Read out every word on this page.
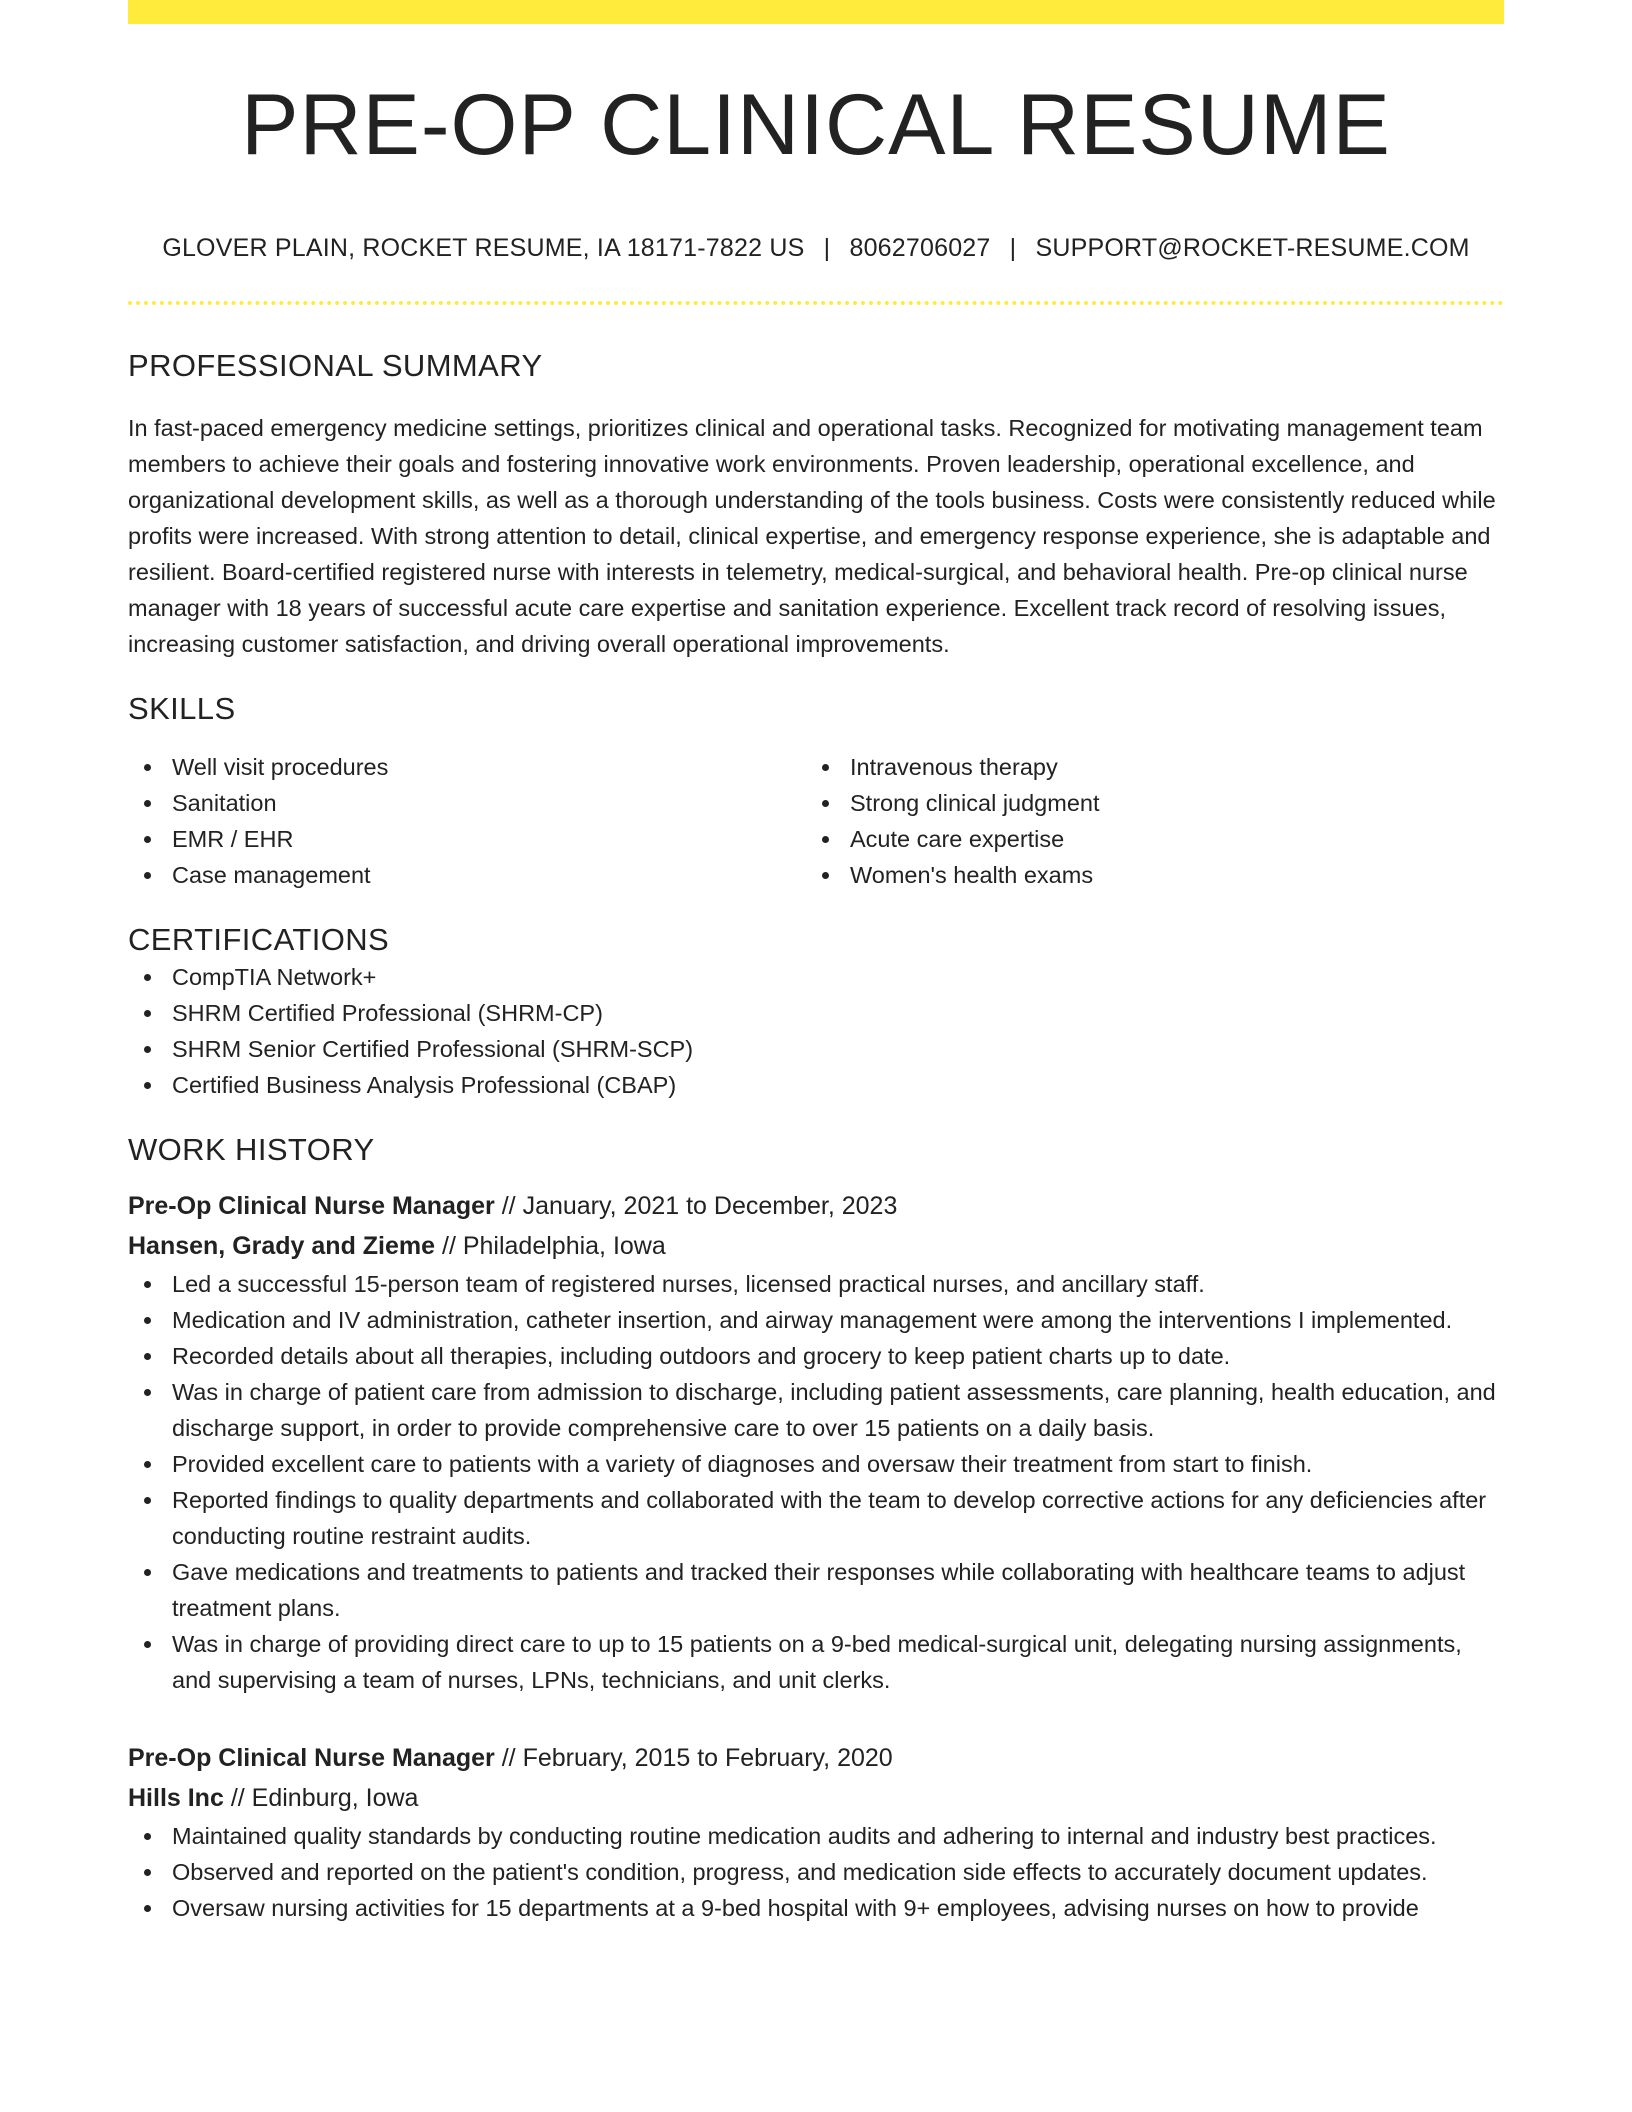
PRE-OP CLINICAL RESUME
GLOVER PLAIN, ROCKET RESUME, IA 18171-7822 US | 8062706027 | SUPPORT@ROCKET-RESUME.COM
PROFESSIONAL SUMMARY

In fast-paced emergency medicine settings, prioritizes clinical and operational tasks. Recognized for motivating management team members to achieve their goals and fostering innovative work environments. Proven leadership, operational excellence, and organizational development skills, as well as a thorough understanding of the tools business. Costs were consistently reduced while profits were increased. With strong attention to detail, clinical expertise, and emergency response experience, she is adaptable and resilient. Board-certified registered nurse with interests in telemetry, medical-surgical, and behavioral health. Pre-op clinical nurse manager with 18 years of successful acute care expertise and sanitation experience. Excellent track record of resolving issues, increasing customer satisfaction, and driving overall operational improvements.

SKILLS
Well visit procedures
Sanitation
EMR / EHR
Case management
Intravenous therapy
Strong clinical judgment
Acute care expertise
Women's health exams
CERTIFICATIONS
CompTIA Network+
SHRM Certified Professional (SHRM-CP)
SHRM Senior Certified Professional (SHRM-SCP)
Certified Business Analysis Professional (CBAP)
WORK HISTORY
Pre-Op Clinical Nurse Manager // January, 2021 to December, 2023
Hansen, Grady and Zieme // Philadelphia, Iowa
Led a successful 15-person team of registered nurses, licensed practical nurses, and ancillary staff.
Medication and IV administration, catheter insertion, and airway management were among the interventions I implemented.
Recorded details about all therapies, including outdoors and grocery to keep patient charts up to date.
Was in charge of patient care from admission to discharge, including patient assessments, care planning, health education, and discharge support, in order to provide comprehensive care to over 15 patients on a daily basis.
Provided excellent care to patients with a variety of diagnoses and oversaw their treatment from start to finish.
Reported findings to quality departments and collaborated with the team to develop corrective actions for any deficiencies after conducting routine restraint audits.
Gave medications and treatments to patients and tracked their responses while collaborating with healthcare teams to adjust treatment plans.
Was in charge of providing direct care to up to 15 patients on a 9-bed medical-surgical unit, delegating nursing assignments, and supervising a team of nurses, LPNs, technicians, and unit clerks.
Pre-Op Clinical Nurse Manager // February, 2015 to February, 2020
Hills Inc // Edinburg, Iowa
Maintained quality standards by conducting routine medication audits and adhering to internal and industry best practices.
Observed and reported on the patient's condition, progress, and medication side effects to accurately document updates.
Oversaw nursing activities for 15 departments at a 9-bed hospital with 9+ employees, advising nurses on how to provide
